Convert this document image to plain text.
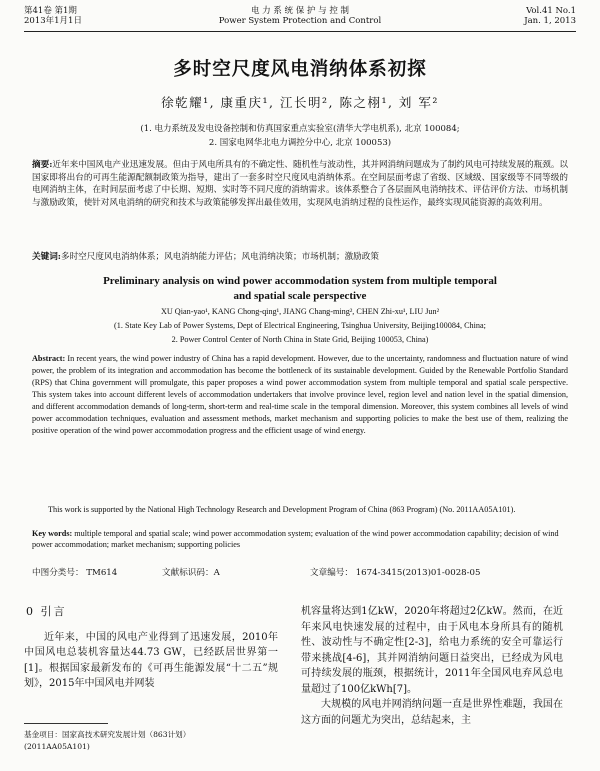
第41卷 第1期
2013年1月1日
电 力 系 统 保 护 与 控 制
Power System Protection and Control
Vol.41 No.1
Jan. 1, 2013
多时空尺度风电消纳体系初探
徐乾耀¹, 康重庆¹, 江长明², 陈之栩¹, 刘 军²
(1. 电力系统及发电设备控制和仿真国家重点实验室(清华大学电机系), 北京 100084;
2. 国家电网华北电力调控分中心, 北京 100053)
摘要:近年来中国风电产业迅速发展。但由于风电所具有的不确定性、随机性与波动性，其并网消纳问题成为了制约风电可持续发展的瓶颈。以国家即将出台的可再生能源配额制政策为指导，建出了一套多时空尺度风电消纳体系。在空间层面考虑了省级、区域级、国家级等不同等级的电网消纳主体，在时间层面考虑了中长期、短期、实时等不同尺度的消纳需求。该体系整合了各层面风电消纳技术、评估评价方法、市场机制与激励政策，使针对风电消纳的研究和技术与政策能够发挥出最佳效用，实现风电消纳过程的良性运作，最终实现风能资源的高效利用。
关键词:多时空尺度风电消纳体系；风电消纳能力评估；风电消纳决策；市场机制；激励政策
Preliminary analysis on wind power accommodation system from multiple temporal
and spatial scale perspective
XU Qian-yao¹, KANG Chong-qing¹, JIANG Chang-ming², CHEN Zhi-xu¹, LIU Jun²
(1. State Key Lab of Power Systems, Dept of Electrical Engineering, Tsinghua University, Beijing100084, China;
2. Power Control Center of North China in State Grid, Beijing 100053, China)
Abstract: In recent years, the wind power industry of China has a rapid development. However, due to the uncertainty, randomness and fluctuation nature of wind power, the problem of its integration and accommodation has become the bottleneck of its sustainable development. Guided by the Renewable Portfolio Standard (RPS) that China government will promulgate, this paper proposes a wind power accommodation system from multiple temporal and spatial scale perspective. This system takes into account different levels of accommodation undertakers that involve province level, region level and nation level in the spatial dimension, and different accommodation demands of long-term, short-term and real-time scale in the temporal dimension. Moreover, this system combines all levels of wind power accommodation techniques, evaluation and assessment methods, market mechanism and supporting policies to make the best use of them, realizing the positive operation of the wind power accommodation progress and the efficient usage of wind energy.
This work is supported by the National High Technology Research and Development Program of China (863 Program) (No. 2011AA05A101).
Key words: multiple temporal and spatial scale; wind power accommodation system; evaluation of the wind power accommodation capability; decision of wind power accommodation; market mechanism; supporting policies
中图分类号： TM614	文献标识码：A	文章编号： 1674-3415(2013)01-0028-05
0 引言

近年来，中国的风电产业得到了迅速发展，2010年中国风电总装机容量达44.73 GW，已经跃居世界第一[1]。根据国家最新发布的《可再生能源发展“十二五”规划》，2015年中国风电并网装

机容量将达到1亿kW，2020年将超过2亿kW。然而，在近年来风电快速发展的过程中，由于风电本身所具有的随机性、波动性与不确定性[2-3]，给电力系统的安全可靠运行带来挑战[4-6]，其并网消纳问题日益突出，已经成为风电可持续发展的瓶颈，根据统计，2011年全国风电弃风总电量超过了100亿kWh[7]。

大规模的风电并网消纳问题一直是世界性难题，我国在这方面的问题尤为突出，总结起来，主

基金项目：国家高技术研究发展计划（863计划）
(2011AA05A101)
